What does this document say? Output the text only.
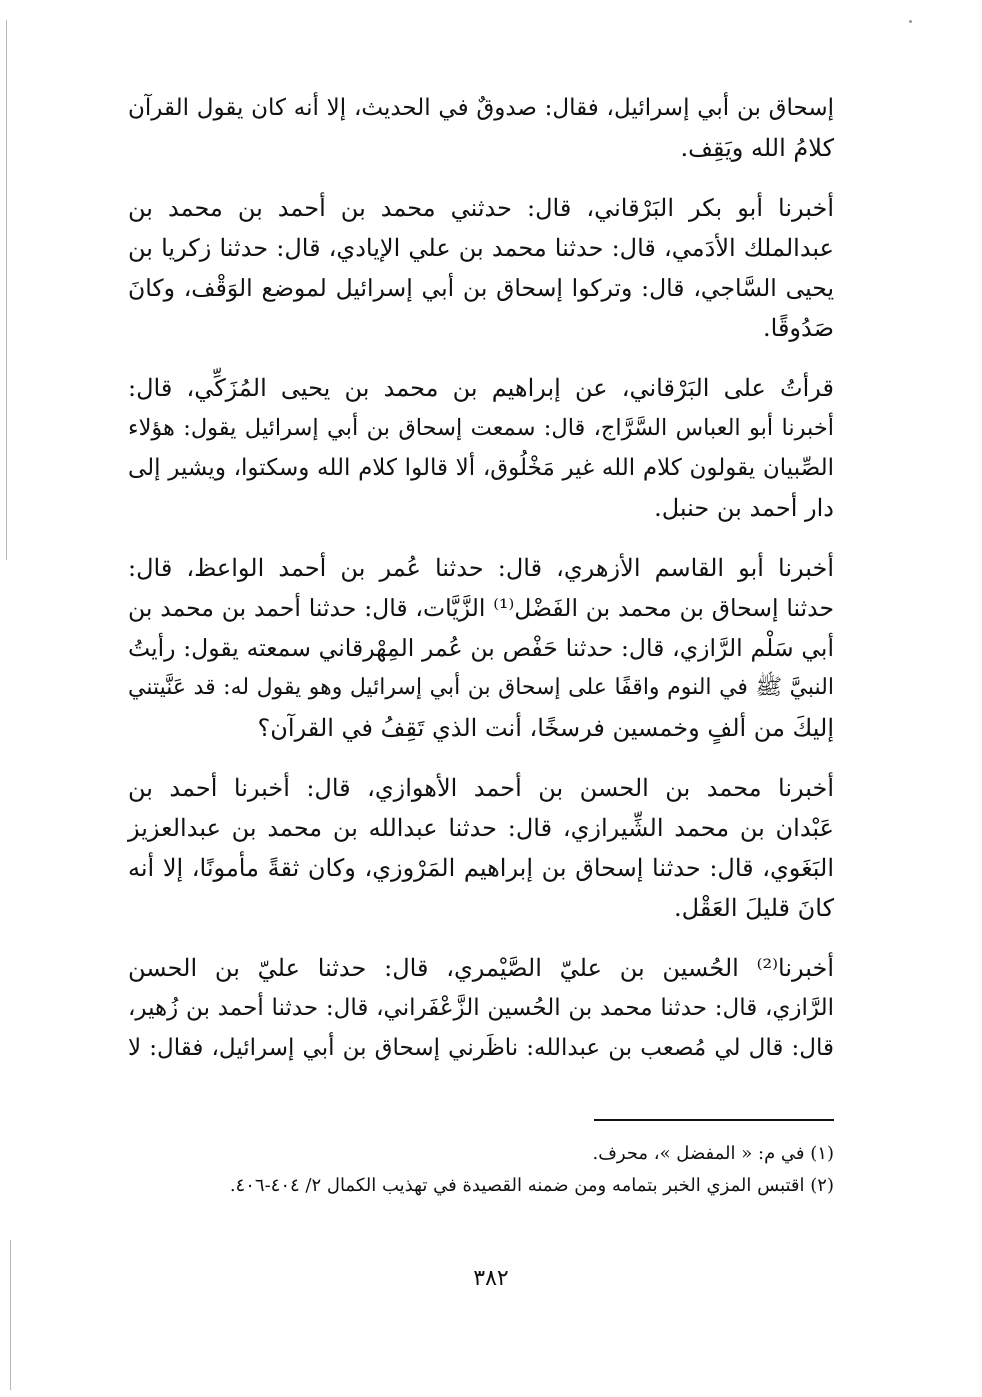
إسحاق بن أبي إسرائيل، فقال: صدوقٌ في الحديث، إلا أنه كان يقول القرآن
كلامُ الله ويَقِف.
أخبرنا أبو بكر البَرْقاني، قال: حدثني محمد بن أحمد بن محمد بن
عبدالملك الأدَمي، قال: حدثنا محمد بن علي الإيادي، قال: حدثنا زكريا بن
يحيى السَّاجي، قال: وتركوا إسحاق بن أبي إسرائيل لموضع الوَقْف، وكانَ
صَدُوقًا.
قرأتُ على البَرْقاني، عن إبراهيم بن محمد بن يحيى المُزَكِّي، قال:
أخبرنا أبو العباس السَّرَّاج، قال: سمعت إسحاق بن أبي إسرائيل يقول: هؤلاء
الصِّبيان يقولون كلام الله غير مَخْلُوق، ألا قالوا كلام الله وسكتوا، ويشير إلى
دار أحمد بن حنبل.
أخبرنا أبو القاسم الأزهري، قال: حدثنا عُمر بن أحمد الواعظ، قال:
حدثنا إسحاق بن محمد بن الفَضْل⁽¹⁾ الزَّيَّات، قال: حدثنا أحمد بن محمد بن
أبي سَلْم الرَّازي، قال: حدثنا حَفْص بن عُمر المِهْرقاني سمعته يقول: رأيتُ
النبيَّ ﷺ في النوم واقفًا على إسحاق بن أبي إسرائيل وهو يقول له: قد عَنَّيتني
إليكَ من ألفٍ وخمسين فرسخًا، أنت الذي تَقِفُ في القرآن؟
أخبرنا محمد بن الحسن بن أحمد الأهوازي، قال: أخبرنا أحمد بن
عَبْدان بن محمد الشِّيرازي، قال: حدثنا عبدالله بن محمد بن عبدالعزيز
البَغَوي، قال: حدثنا إسحاق بن إبراهيم المَرْوزي، وكان ثقةً مأمونًا، إلا أنه
كانَ قليلَ العَقْل.
أخبرنا⁽²⁾ الحُسين بن عليّ الصَّيْمري، قال: حدثنا عليّ بن الحسن
الرَّازي، قال: حدثنا محمد بن الحُسين الزَّعْفَراني، قال: حدثنا أحمد بن زُهير،
قال: قال لي مُصعب بن عبدالله: ناظَرني إسحاق بن أبي إسرائيل، فقال: لا
(١) في م: « المفضل »، محرف.
(٢) اقتبس المزي الخبر بتمامه ومن ضمنه القصيدة في تهذيب الكمال ٢/ ٤٠٤-٤٠٦.
٣٨٢
